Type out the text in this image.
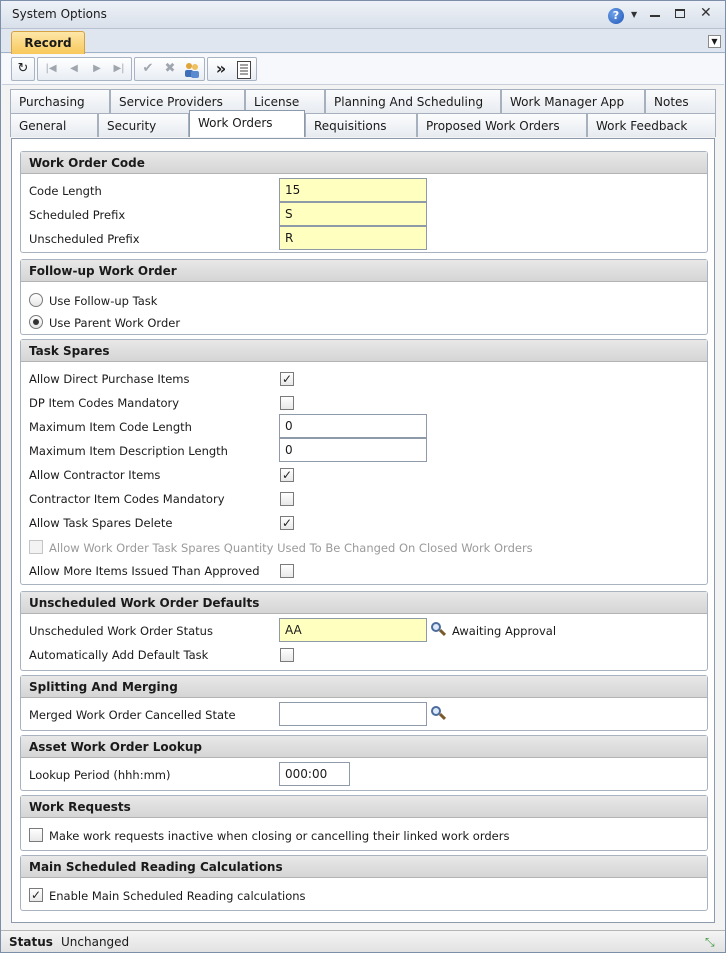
System Options	?	▼	✕
Record	▼
↻	|◀	◀	▶	▶|	✔ ✖	»
Purchasing	Service Providers	License	Planning And Scheduling	Work Manager App	Notes
General	Security	Work Orders	Requisitions	Proposed Work Orders	Work Feedback
Work Order Code
Code Length	15
Scheduled Prefix	S
Unscheduled Prefix	R
Follow-up Work Order
Use Follow-up Task
Use Parent Work Order
Task Spares
Allow Direct Purchase Items	✓
DP Item Codes Mandatory
Maximum Item Code Length	0
Maximum Item Description Length	0
Allow Contractor Items	✓
Contractor Item Codes Mandatory
Allow Task Spares Delete	✓
Allow Work Order Task Spares Quantity Used To Be Changed On Closed Work Orders
Allow More Items Issued Than Approved
Unscheduled Work Order Defaults
Unscheduled Work Order Status	AA	Awaiting Approval
Automatically Add Default Task
Splitting And Merging
Merged Work Order Cancelled State
Asset Work Order Lookup
Lookup Period (hhh:mm)	000:00
Work Requests
Make work requests inactive when closing or cancelling their linked work orders
Main Scheduled Reading Calculations
✓ Enable Main Scheduled Reading calculations
Status Unchanged	⤡
